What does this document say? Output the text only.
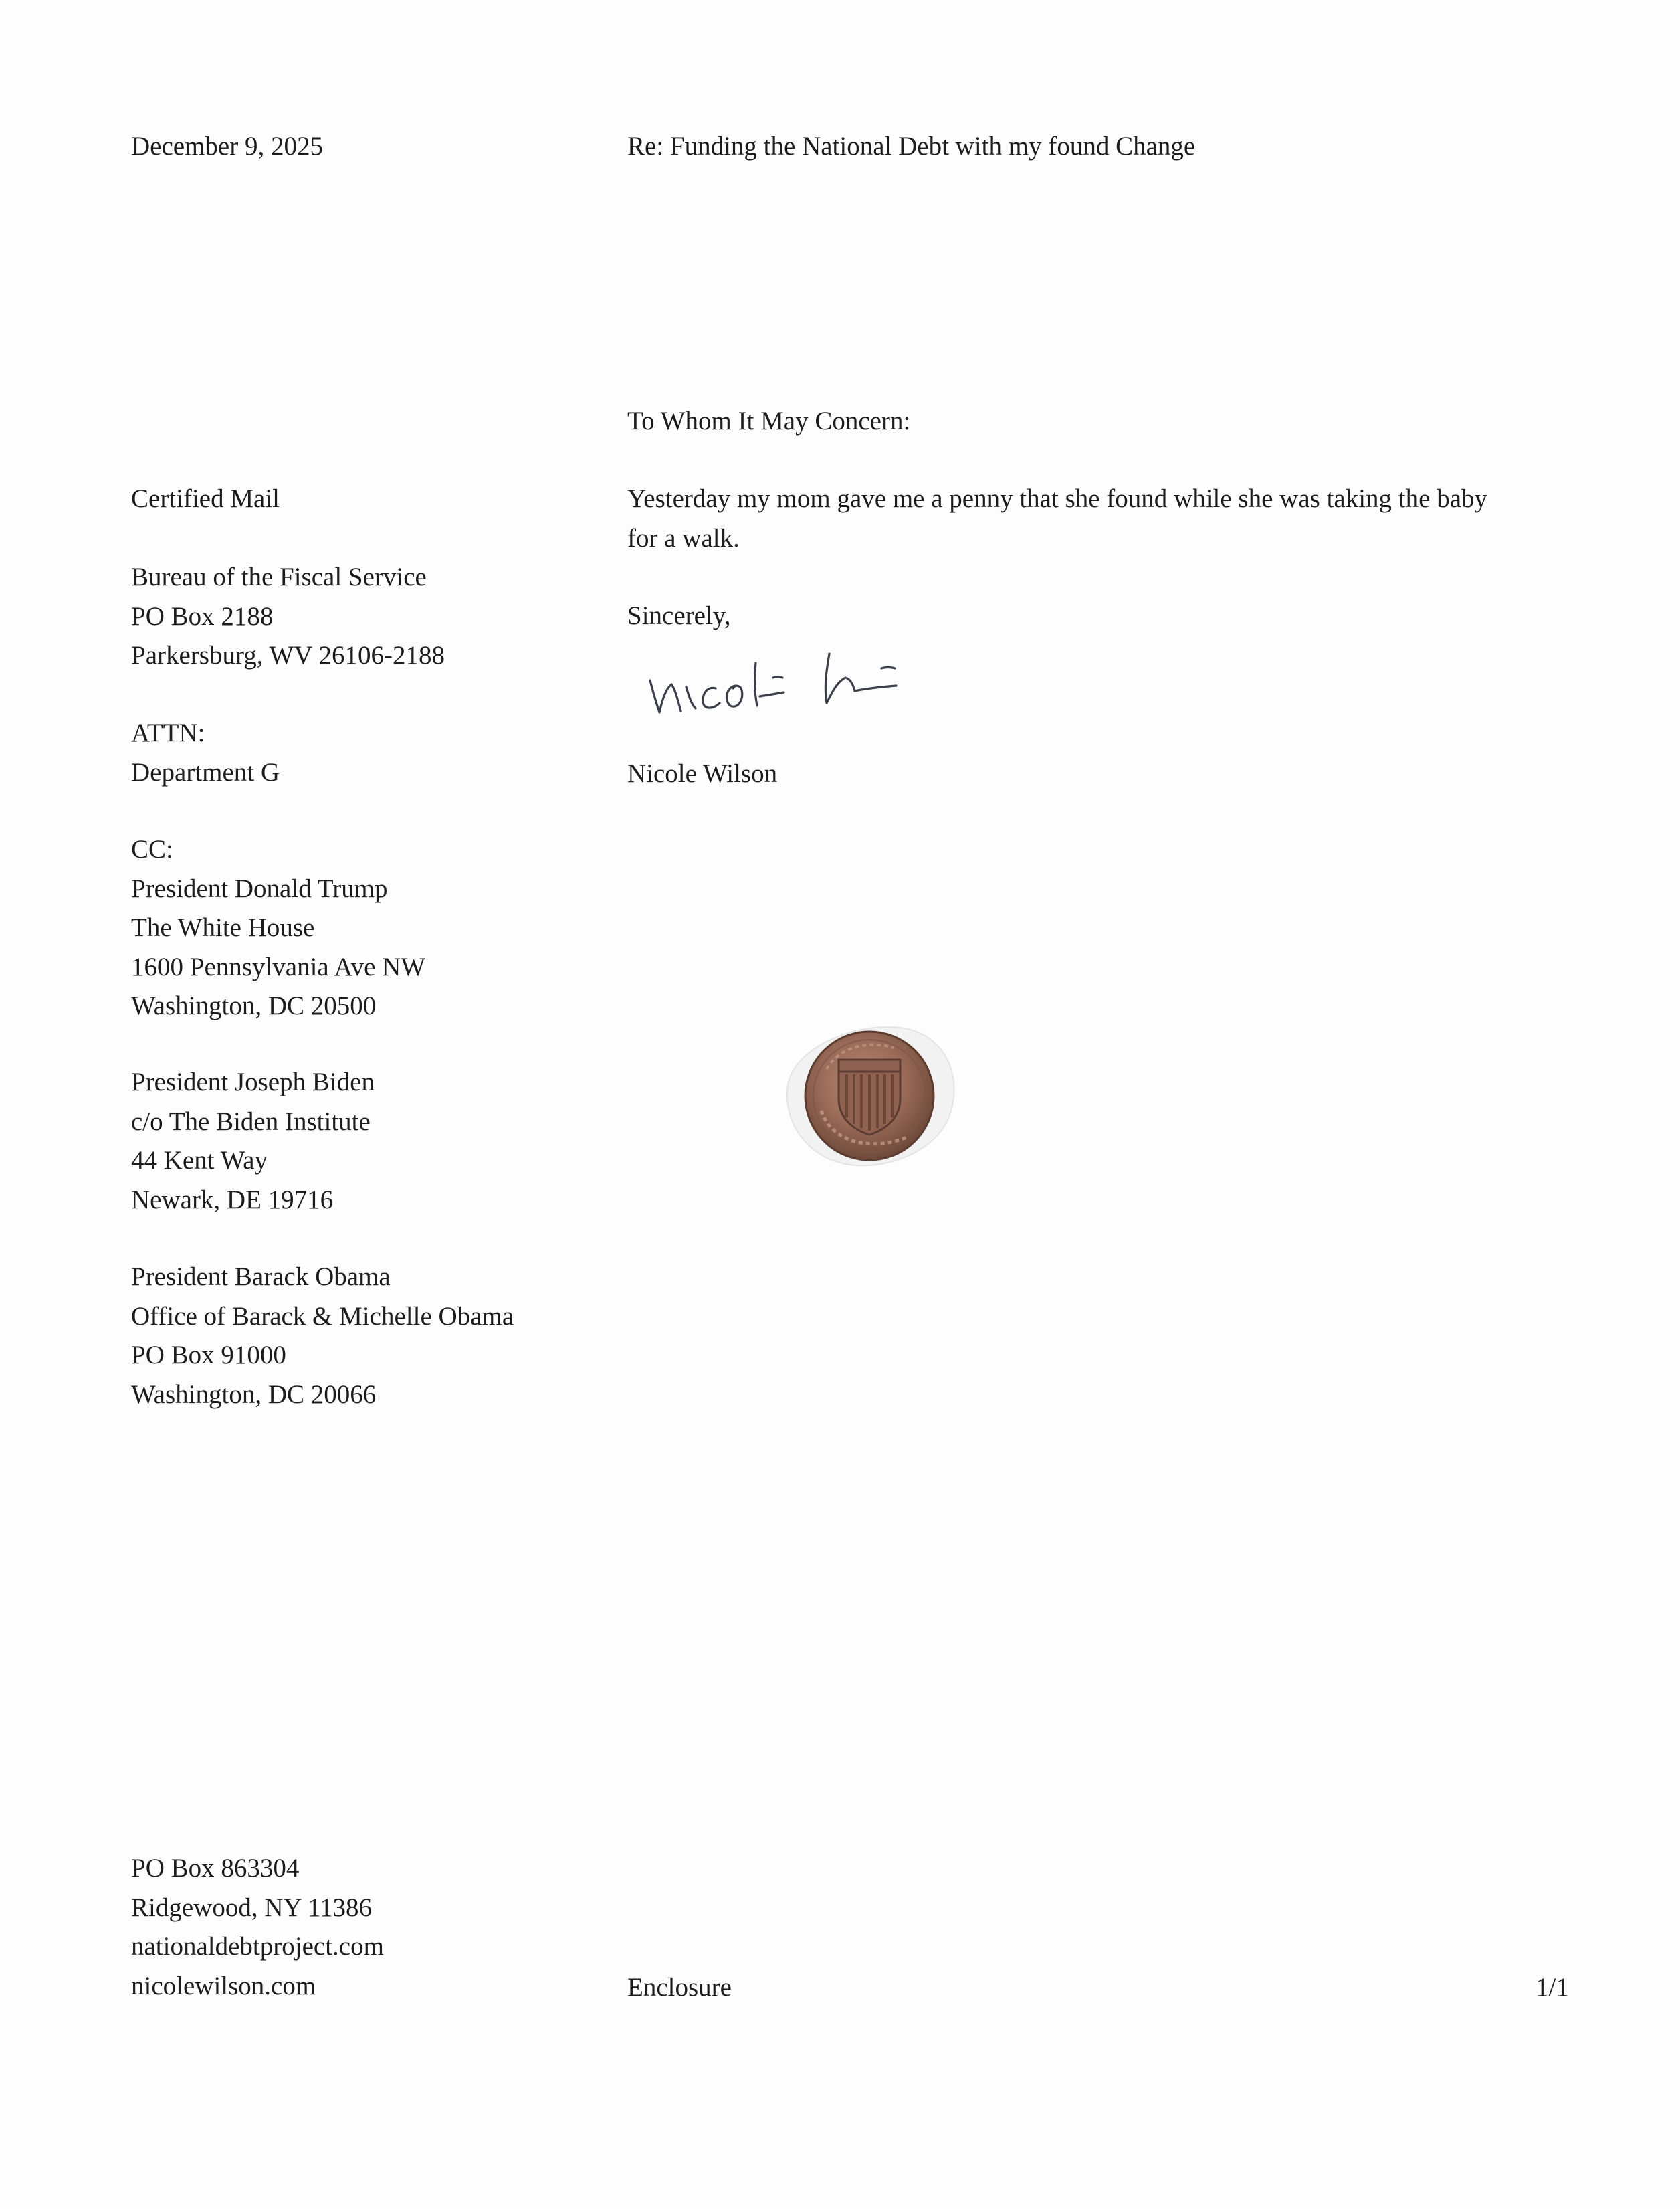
December 9, 2025	Re: Funding the National Debt with my found Change
To Whom It May Concern:
Yesterday my mom gave me a penny that she found while she was taking the baby
for a walk.
Sincerely,
Nicole Wilson
Certified Mail
Bureau of the Fiscal Service
PO Box 2188
Parkersburg, WV 26106-2188
ATTN:
Department G
CC:
President Donald Trump
The White House
1600 Pennsylvania Ave NW
Washington, DC 20500
President Joseph Biden
c/o The Biden Institute
44 Kent Way
Newark, DE 19716
President Barack Obama
Office of Barack & Michelle Obama
PO Box 91000
Washington, DC 20066
PO Box 863304
Ridgewood, NY 11386
nationaldebtproject.com
nicolewilson.com	Enclosure	1/1
